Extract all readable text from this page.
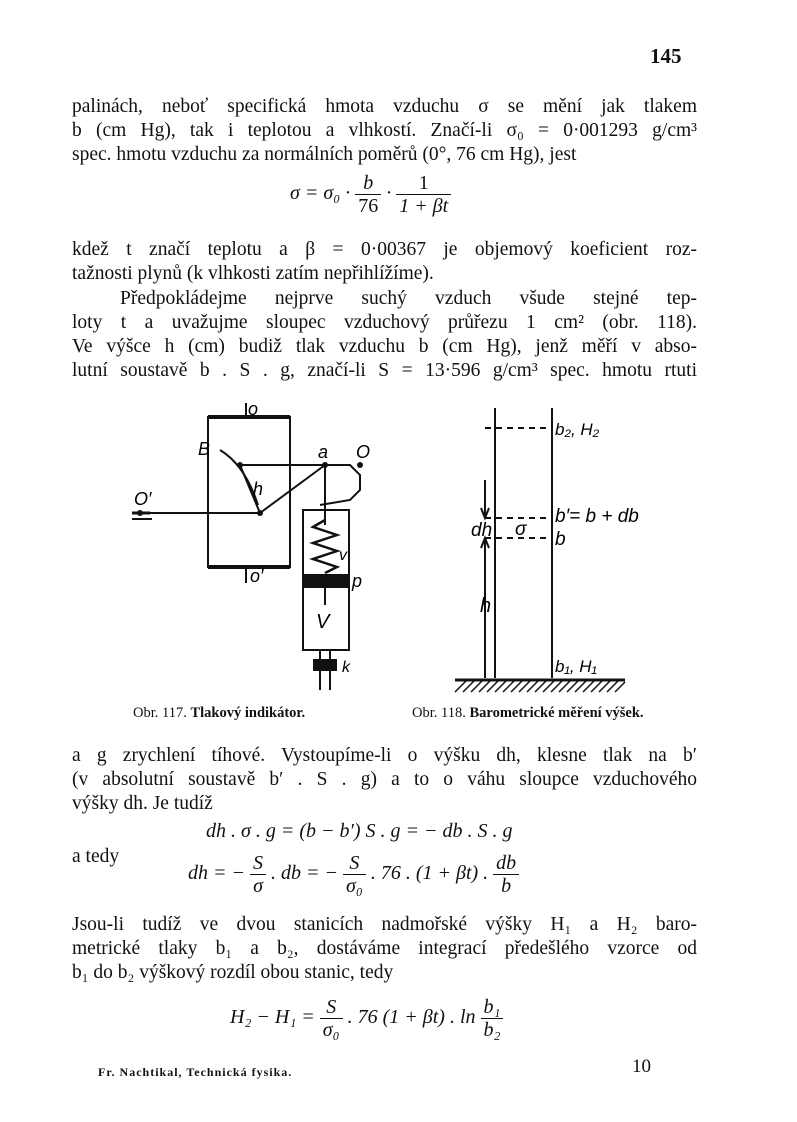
145
palinách, neboť specifická hmota vzduchu σ se mění jak tlakem
b (cm Hg), tak i teplotou a vlhkostí. Značí-li σ₀ = 0·001293 g/cm³
spec. hmotu vzduchu za normálních poměrů (0°, 76 cm Hg), jest
$\sigma = \sigma_0 \cdot \frac{b}{76} \cdot \frac{1}{1 + \beta t}$
kdež t značí teplotu a β = 0·00367 je objemový koeficient roz-
tažnosti plynů (k vlhkosti zatím nepřihlížíme).
Předpokládejme nejprve suchý vzduch všude stejné tep-
loty t a uvažujme sloupec vzduchový průřezu 1 cm² (obr. 118).
Ve výšce h (cm) budiž tlak vzduchu b (cm Hg), jenž měří v abso-
lutní soustavě b . S . g, značí-li S = 13·596 g/cm³ spec. hmotu rtuti
o
o′
B
h
a O
O′
v
p
V
k
b₂, H₂
b′= b + db
b
b₁, H₁
dh σ
h
Obr. 117. Tlakový indikátor.	Obr. 118. Barometrické měření výšek.
a g zrychlení tíhové. Vystoupíme-li o výšku dh, klesne tlak na b′
(v absolutní soustavě b′ . S . g) a to o váhu sloupce vzduchového
výšky dh. Je tudíž
dh . σ . g = (b − b′) S . g = − db . S . g
a tedy
dh = − $\frac{S}{\sigma}$ . db = − $\frac{S}{\text{σ₀}}$ . 76 . (1 + βt) . $\frac{db}{b}$
Jsou-li tudíž ve dvou stanicích nadmořské výšky H₁ a H₂ baro-
metrické tlaky b₁ a b₂, dostáváme integrací předešlého vzorce od
b₁ do b₂ výškový rozdíl obou stanic, tedy
$H_2 - H_1 = \frac{S}{\text{σ₀}}$ . 76 (1 + βt) . $\ln \frac{\text{b₁}}{\text{b₂}}$
Fr. Nachtikal, Technická fysika.	10
